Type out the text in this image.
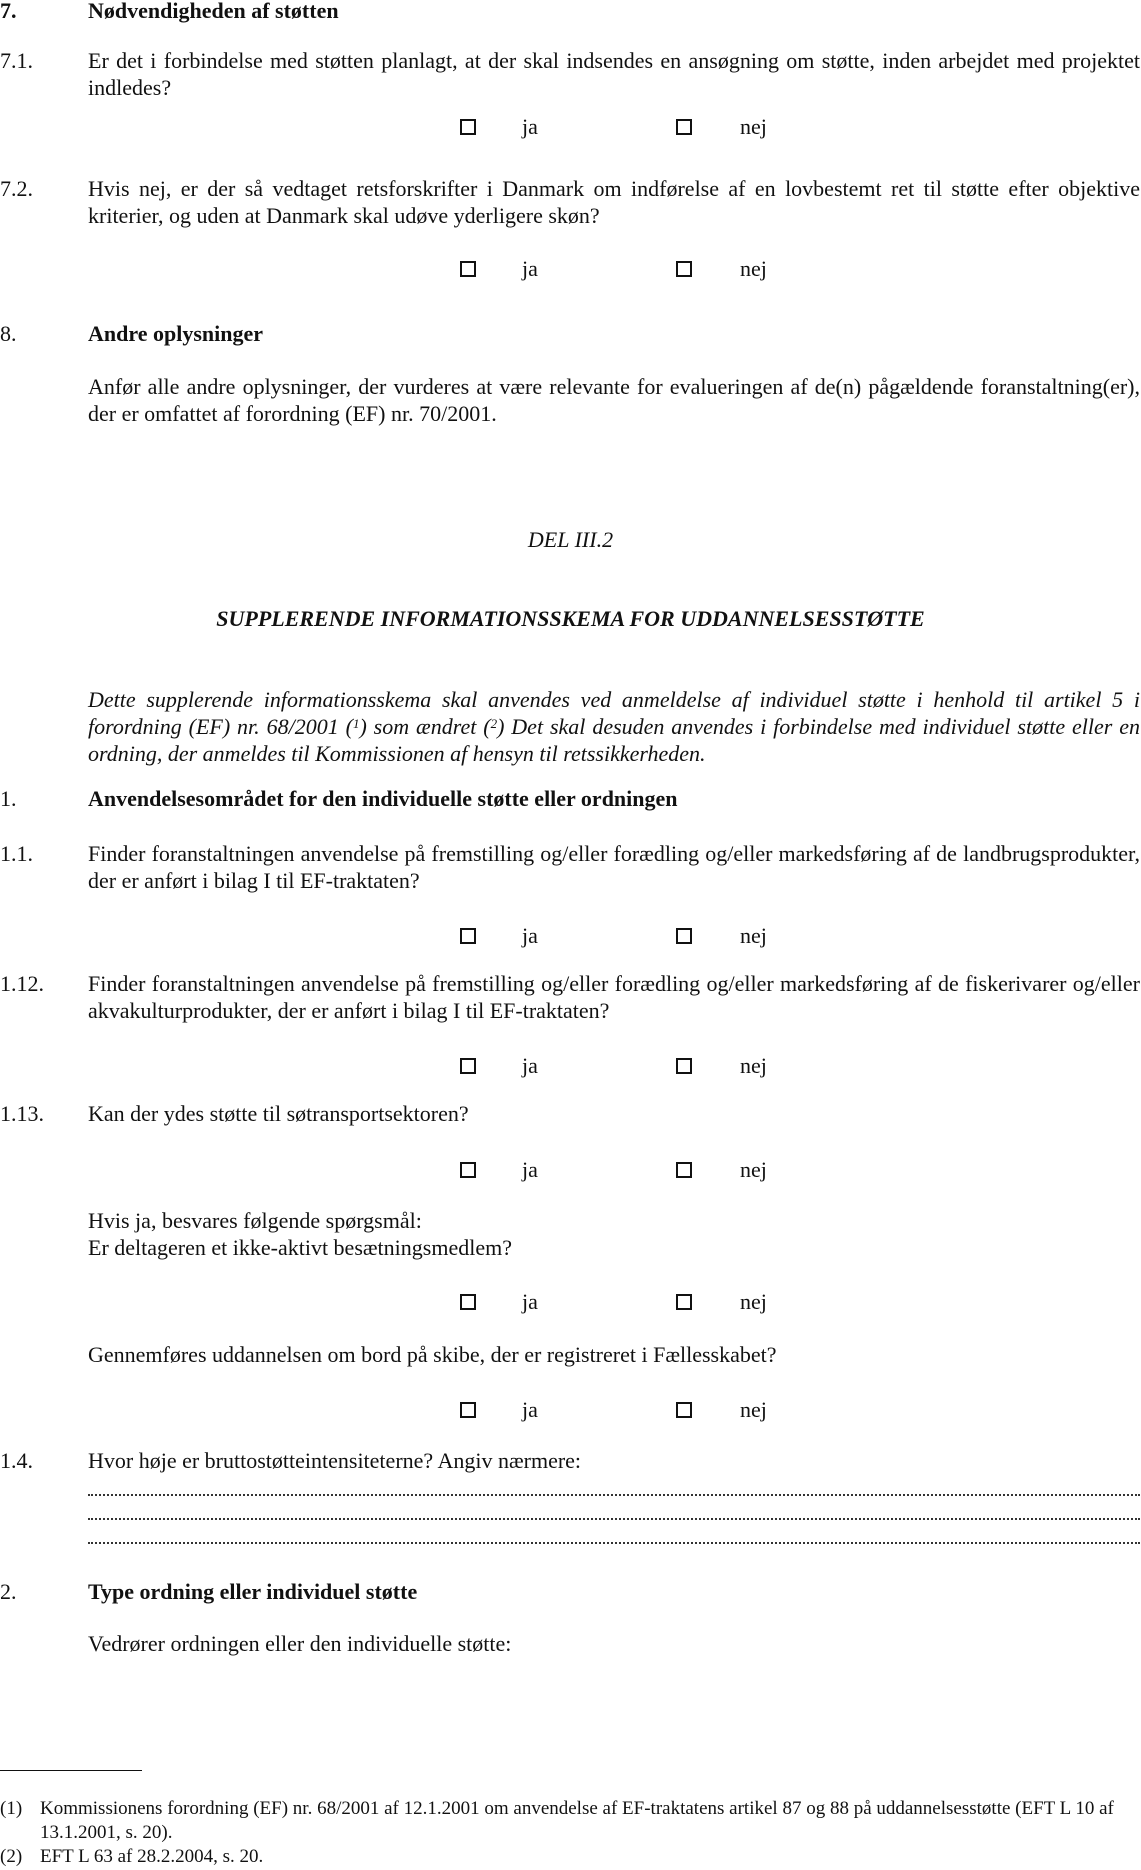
7.	Nødvendigheden af støtten
7.1.	Er det i forbindelse med støtten planlagt, at der skal indsendes en ansøgning om støtte, inden arbejdet med projektet indledes?
ja	nej
7.2.	Hvis nej, er der så vedtaget retsforskrifter i Danmark om indførelse af en lovbestemt ret til støtte efter objektive kriterier, og uden at Danmark skal udøve yderligere skøn?
ja	nej
8.	Andre oplysninger
Anfør alle andre oplysninger, der vurderes at være relevante for evalueringen af de(n) pågældende foranstaltning(er), der er omfattet af forordning (EF) nr. 70/2001.
DEL III.2
SUPPLERENDE INFORMATIONSSKEMA FOR UDDANNELSESSTØTTE
Dette supplerende informationsskema skal anvendes ved anmeldelse af individuel støtte i henhold til artikel 5 i forordning (EF) nr. 68/2001 ($^1$) som ændret ($^2$) Det skal desuden anvendes i forbindelse med individuel støtte eller en ordning, der anmeldes til Kommissionen af hensyn til retssikkerheden.
1.	Anvendelsesområdet for den individuelle støtte eller ordningen
1.1.	Finder foranstaltningen anvendelse på fremstilling og/eller forædling og/eller markedsføring af de landbrugsprodukter, der er anført i bilag I til EF-traktaten?
ja	nej
1.12. Finder foranstaltningen anvendelse på fremstilling og/eller forædling og/eller markedsføring af de fiskerivarer og/eller akvakulturprodukter, der er anført i bilag I til EF-traktaten?
ja	nej
1.13. Kan der ydes støtte til søtransportsektoren?
ja	nej
Hvis ja, besvares følgende spørgsmål:
Er deltageren et ikke-aktivt besætningsmedlem?
ja	nej
Gennemføres uddannelsen om bord på skibe, der er registreret i Fællesskabet?
ja	nej
1.4.	Hvor høje er bruttostøtteintensiteterne? Angiv nærmere:
2.	Type ordning eller individuel støtte
Vedrører ordningen eller den individuelle støtte:
(1) Kommissionens forordning (EF) nr. 68/2001 af 12.1.2001 om anvendelse af EF-traktatens artikel 87 og 88 på uddannelsesstøtte (EFT L 10 af 13.1.2001, s. 20).
(2) EFT L 63 af 28.2.2004, s. 20.
